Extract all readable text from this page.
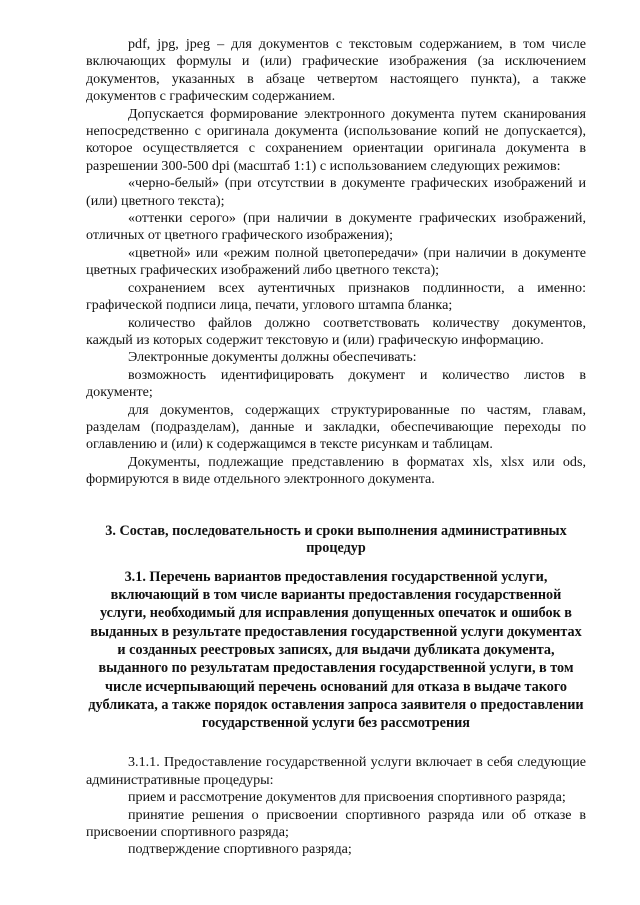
pdf, jpg, jpeg – для документов с текстовым содержанием, в том числе включающих формулы и (или) графические изображения (за исключением документов, указанных в абзаце четвертом настоящего пункта), а также документов с графическим содержанием.

Допускается формирование электронного документа путем сканирования непосредственно с оригинала документа (использование копий не допускается), которое осуществляется с сохранением ориентации оригинала документа в разрешении 300-500 dpi (масштаб 1:1) с использованием следующих режимов:

«черно-белый» (при отсутствии в документе графических изображений и (или) цветного текста);

«оттенки серого» (при наличии в документе графических изображений, отличных от цветного графического изображения);

«цветной» или «режим полной цветопередачи» (при наличии в документе цветных графических изображений либо цветного текста);

сохранением всех аутентичных признаков подлинности, а именно: графической подписи лица, печати, углового штампа бланка;

количество файлов должно соответствовать количеству документов, каждый из которых содержит текстовую и (или) графическую информацию.

Электронные документы должны обеспечивать:

возможность идентифицировать документ и количество листов в документе;

для документов, содержащих структурированные по частям, главам, разделам (подразделам), данные и закладки, обеспечивающие переходы по оглавлению и (или) к содержащимся в тексте рисункам и таблицам.

Документы, подлежащие представлению в форматах xls, xlsx или ods, формируются в виде отдельного электронного документа.

3. Состав, последовательность и сроки выполнения административных процедур
3.1. Перечень вариантов предоставления государственной услуги, включающий в том числе варианты предоставления государственной услуги, необходимый для исправления допущенных опечаток и ошибок в выданных в результате предоставления государственной услуги документах и созданных реестровых записях, для выдачи дубликата документа, выданного по результатам предоставления государственной услуги, в том числе исчерпывающий перечень оснований для отказа в выдаче такого дубликата, а также порядок оставления запроса заявителя о предоставлении государственной услуги без рассмотрения

3.1.1. Предоставление государственной услуги включает в себя следующие административные процедуры:

прием и рассмотрение документов для присвоения спортивного разряда;

принятие решения о присвоении спортивного разряда или об отказе в присвоении спортивного разряда;

подтверждение спортивного разряда;
